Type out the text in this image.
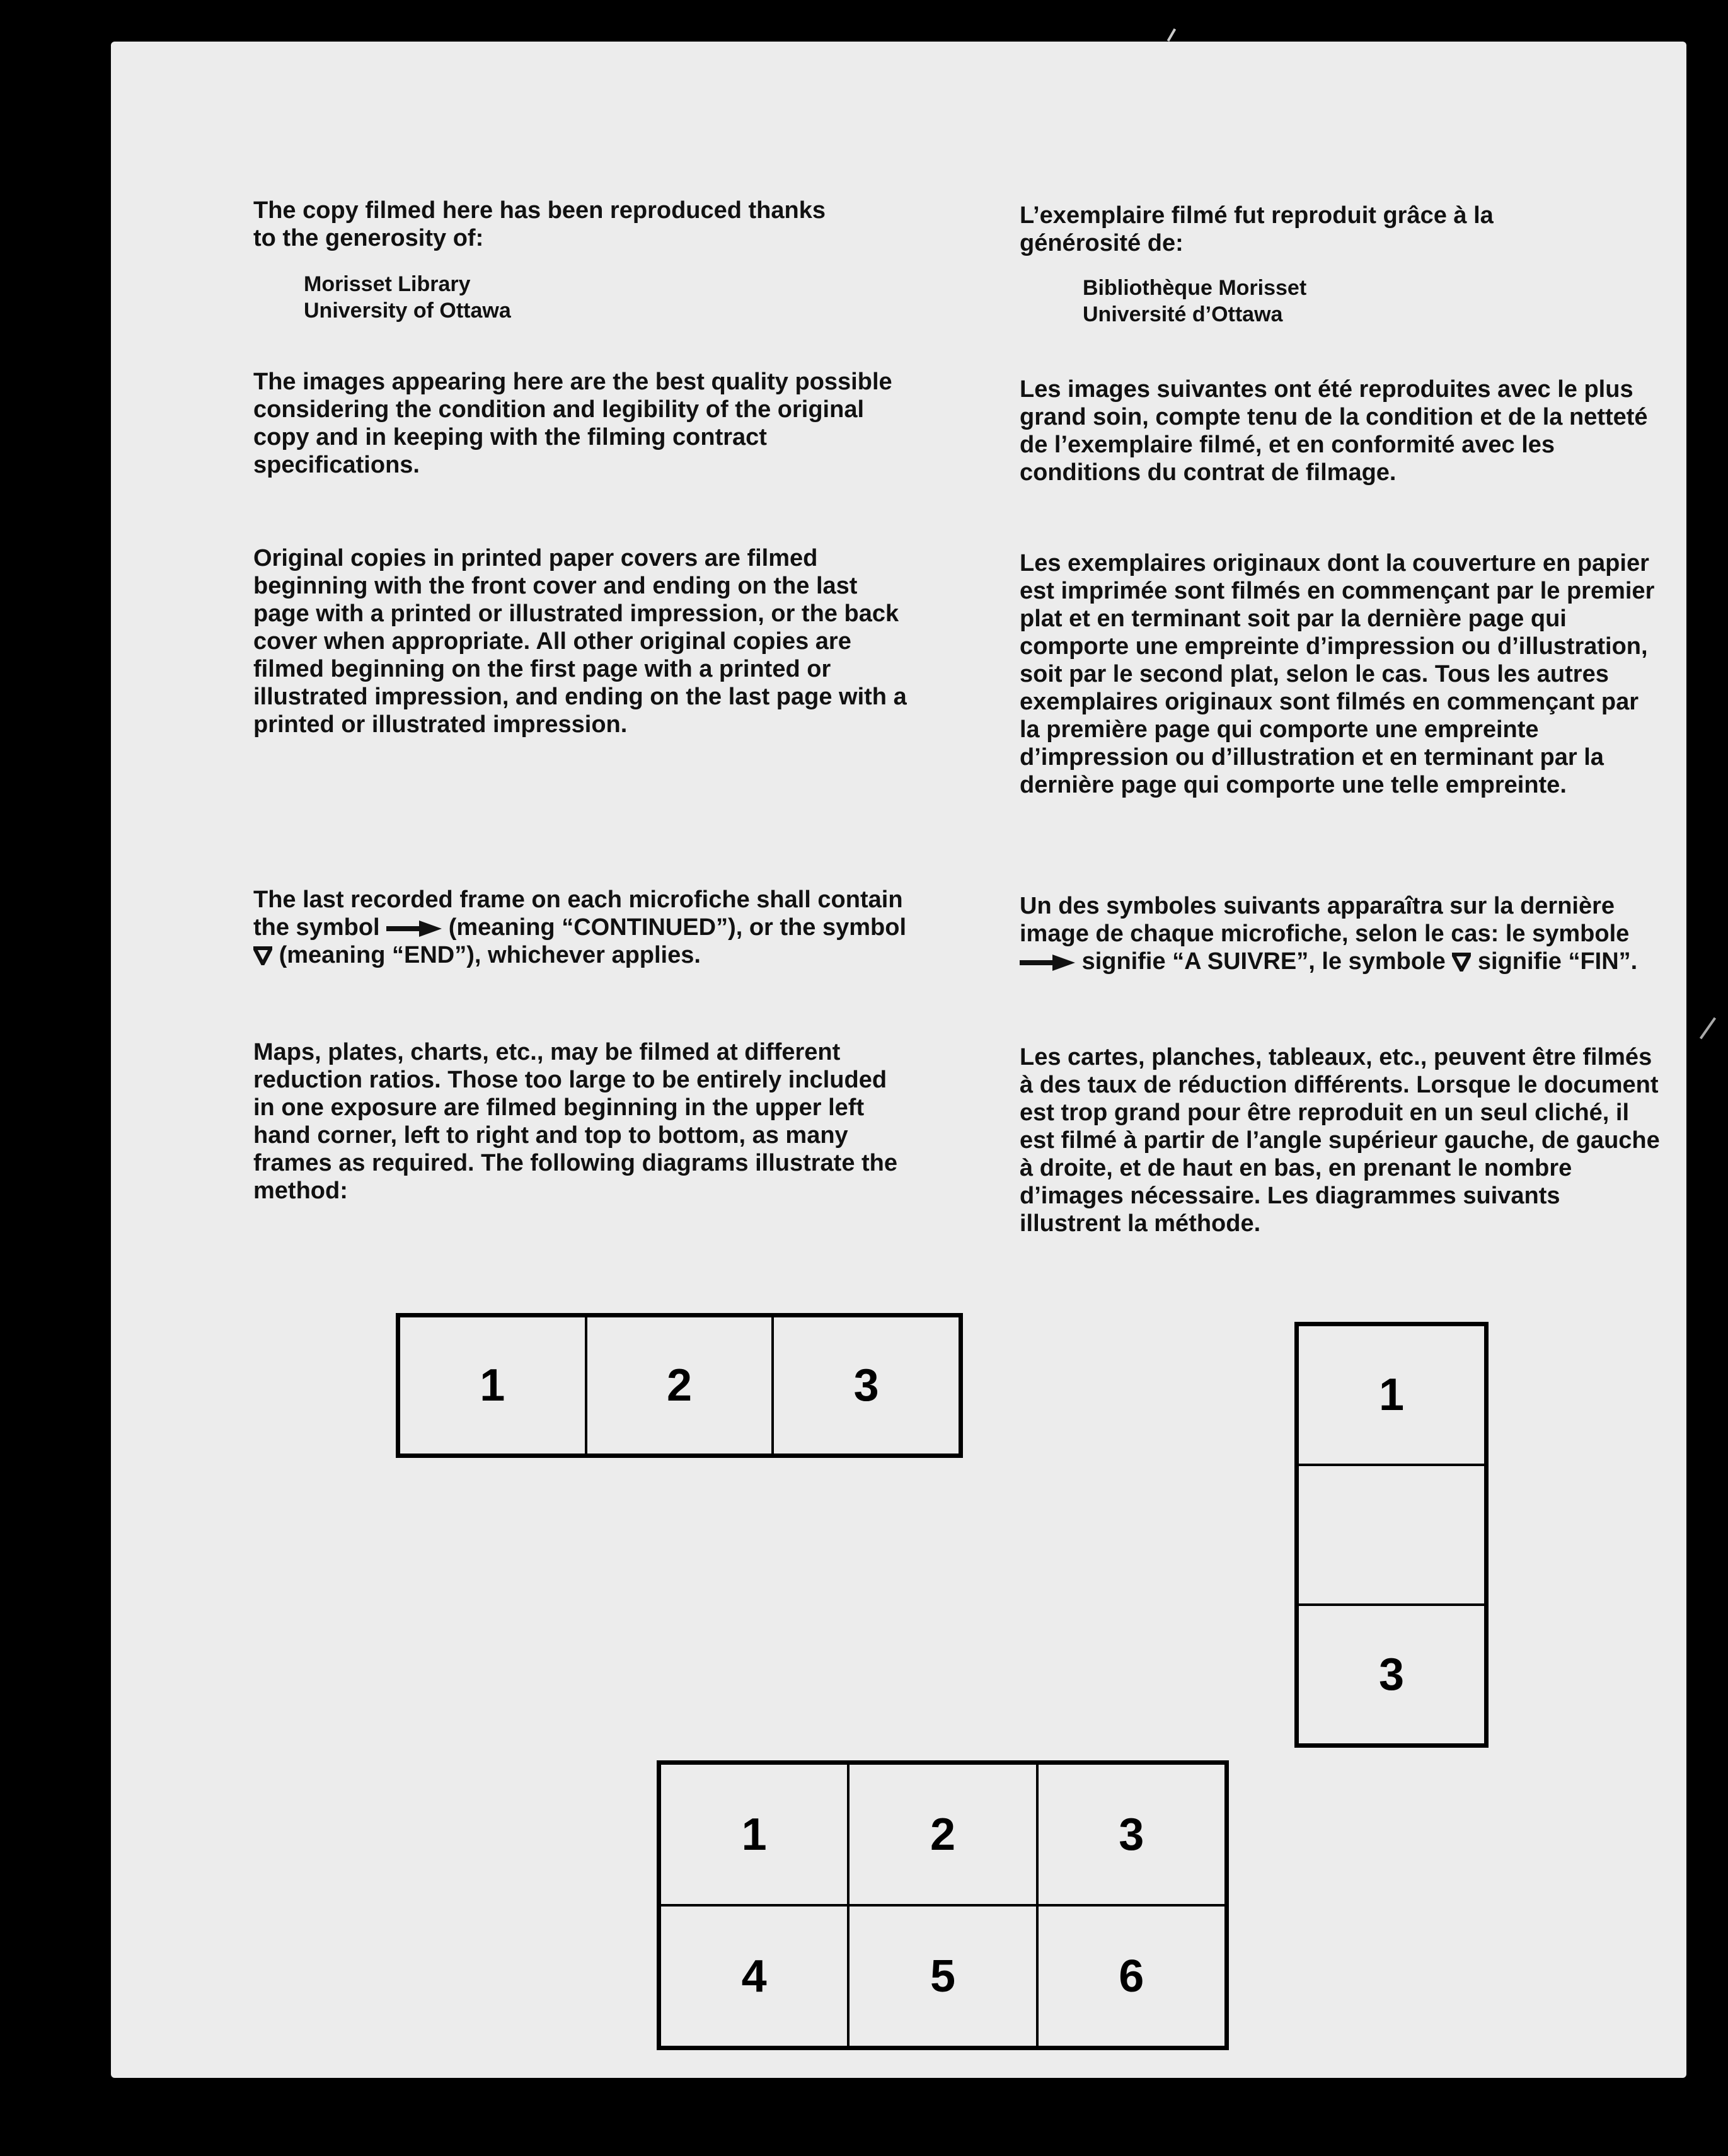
The copy filmed here has been reproduced thanks
to the generosity of:
Morisset Library
University of Ottawa

The images appearing here are the best quality possible considering the condition and legibility of the original copy and in keeping with the filming contract specifications.

Original copies in printed paper covers are filmed beginning with the front cover and ending on the last page with a printed or illustrated impression, or the back cover when appropriate. All other original copies are filmed beginning on the first page with a printed or illustrated impression, and ending on the last page with a printed or illustrated impression.

The last recorded frame on each microfiche shall contain the symbol	(meaning “CONTINUED”), or the symbol  (meaning “END”), whichever applies.

Maps, plates, charts, etc., may be filmed at different reduction ratios. Those too large to be entirely included in one exposure are filmed beginning in the upper left hand corner, left to right and top to bottom, as many frames as required. The following diagrams illustrate the method:

L’exemplaire filmé fut reproduit grâce à la
générosité de:
Bibliothèque Morisset
Université d’Ottawa

Les images suivantes ont été reproduites avec le plus grand soin, compte tenu de la condition et de la netteté de l’exemplaire filmé, et en conformité avec les conditions du contrat de filmage.

Les exemplaires originaux dont la couverture en papier est imprimée sont filmés en commençant par le premier plat et en terminant soit par la dernière page qui comporte une empreinte d’impression ou d’illustration, soit par le second plat, selon le cas. Tous les autres exemplaires originaux sont filmés en commençant par la première page qui comporte une empreinte d’impression ou d’illustration et en terminant par la dernière page qui comporte une telle empreinte.

Un des symboles suivants apparaîtra sur la dernière image de chaque microfiche, selon le cas: le symbole  signifie “A SUIVRE”, le symbole signifie “FIN”.

Les cartes, planches, tableaux, etc., peuvent être filmés à des taux de réduction différents. Lorsque le document est trop grand pour être reproduit en un seul cliché, il est filmé à partir de l’angle supérieur gauche, de gauche à droite, et de haut en bas, en prenant le nombre d’images nécessaire. Les diagrammes suivants illustrent la méthode.

1	2	3	1
3
1	2	3
4	5	6
